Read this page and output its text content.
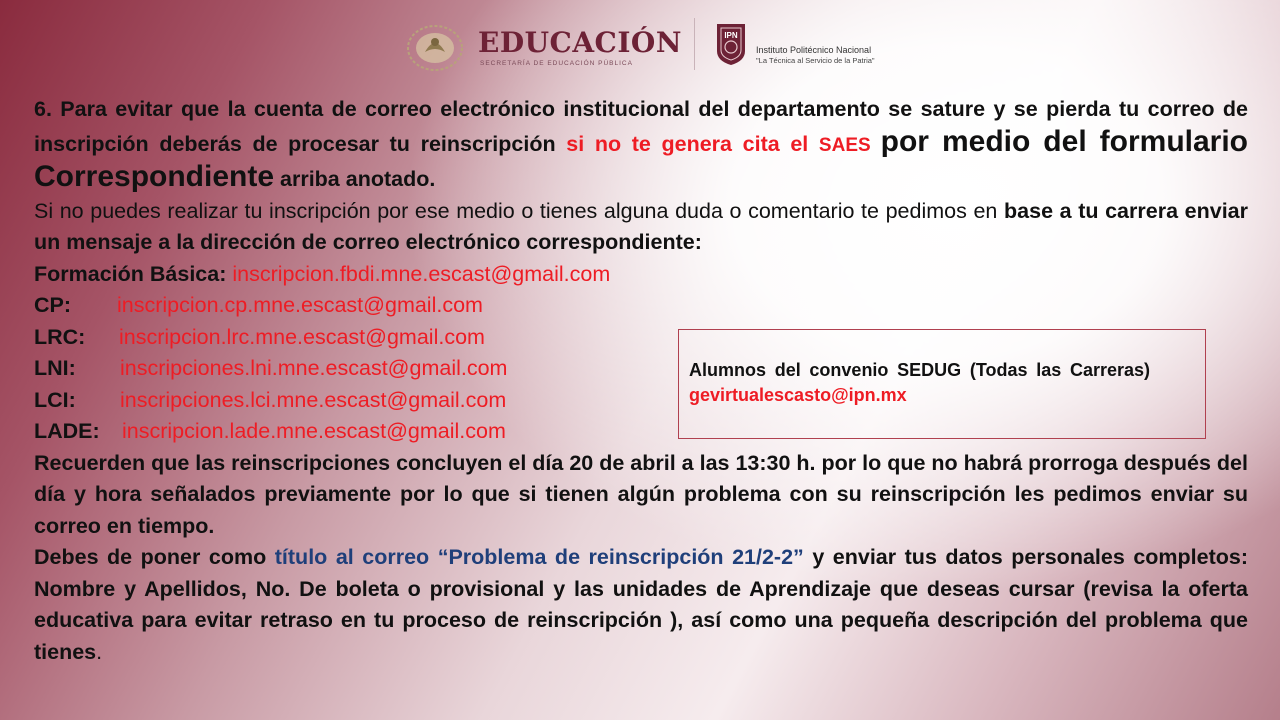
EDUCACIÓN
SECRETARÍA DE EDUCACIÓN PÚBLICA
IPN
Instituto Politécnico Nacional
"La Técnica al Servicio de la Patria"

6. Para evitar que la cuenta de correo electrónico institucional del departamento se sature y se pierda tu correo de inscripción deberás de procesar tu reinscripción si no te genera cita el SAES por medio del formulario Correspondiente arriba anotado.

Si no puedes realizar tu inscripción por ese medio o tienes alguna duda o comentario te pedimos en base a tu carrera enviar un mensaje a la dirección de correo electrónico correspondiente:

Formación Básica: inscripcion.fbdi.mne.escast@gmail.com
CP: inscripcion.cp.mne.escast@gmail.com
LRC: inscripcion.lrc.mne.escast@gmail.com
LNI: inscripciones.lni.mne.escast@gmail.com
LCI: inscripciones.lci.mne.escast@gmail.com
LADE: inscripcion.lade.mne.escast@gmail.com

Recuerden que las reinscripciones concluyen el día 20 de abril a las 13:30 h. por lo que no habrá prorroga después del día y hora señalados previamente por lo que si tienen algún problema con su reinscripción les pedimos enviar su correo en tiempo.

Debes de poner como título al correo “Problema de reinscripción 21/2-2” y enviar tus datos personales completos: Nombre y Apellidos, No. De boleta o provisional y las unidades de Aprendizaje que deseas cursar (revisa la oferta educativa para evitar retraso en tu proceso de reinscripción ), así como una pequeña descripción del problema que tienes.

Alumnos del convenio SEDUG (Todas las Carreras)gevirtualescasto@ipn.mx
